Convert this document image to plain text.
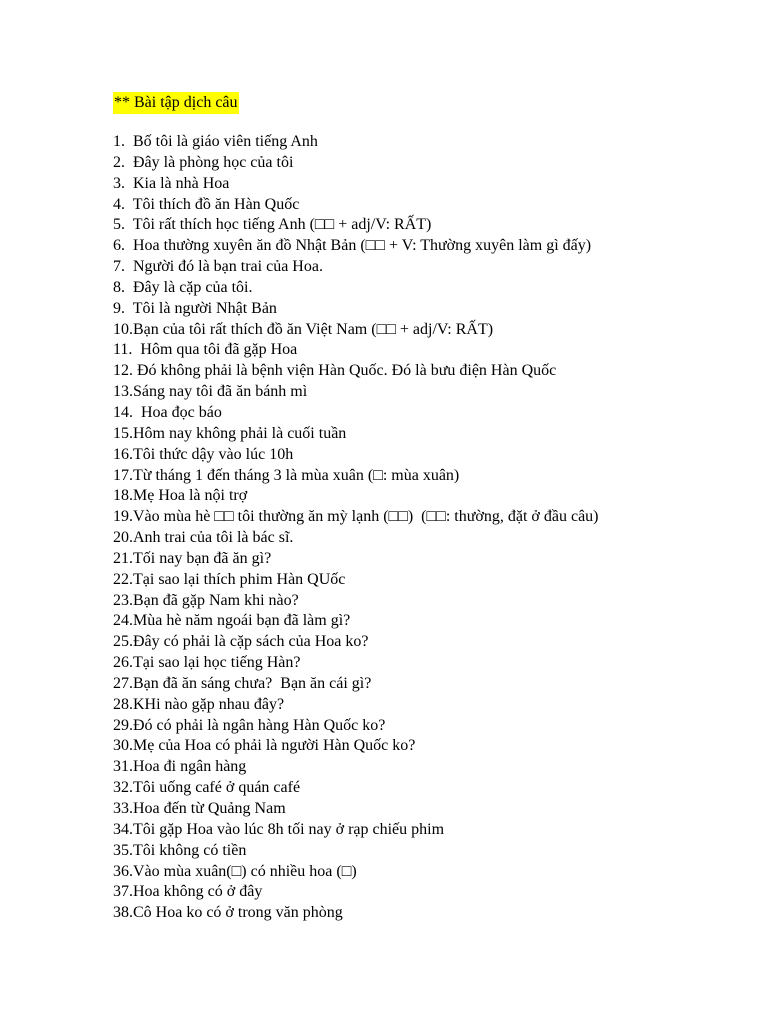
** Bài tập dịch câu
1.  Bố tôi là giáo viên tiếng Anh
2.  Đây là phòng học của tôi
3.  Kia là nhà Hoa
4.  Tôi thích đồ ăn Hàn Quốc
5.  Tôi rất thích học tiếng Anh (□□ + adj/V: RẤT)
6.  Hoa thường xuyên ăn đồ Nhật Bản (□□ + V: Thường xuyên làm gì đấy)
7.  Người đó là bạn trai của Hoa.
8.  Đây là cặp của tôi.
9.  Tôi là người Nhật Bản
10.Bạn của tôi rất thích đồ ăn Việt Nam (□□ + adj/V: RẤT)
11.  Hôm qua tôi đã gặp Hoa
12. Đó không phải là bệnh viện Hàn Quốc. Đó là bưu điện Hàn Quốc
13.Sáng nay tôi đã ăn bánh mì
14.  Hoa đọc báo
15.Hôm nay không phải là cuối tuần
16.Tôi thức dậy vào lúc 10h
17.Từ tháng 1 đến tháng 3 là mùa xuân (□: mùa xuân)
18.Mẹ Hoa là nội trợ
19.Vào mùa hè □□ tôi thường ăn mỳ lạnh (□□)  (□□: thường, đặt ở đầu câu)
20.Anh trai của tôi là bác sĩ.
21.Tối nay bạn đã ăn gì?
22.Tại sao lại thích phim Hàn QUốc
23.Bạn đã gặp Nam khi nào?
24.Mùa hè năm ngoái bạn đã làm gì?
25.Đây có phải là cặp sách của Hoa ko?
26.Tại sao lại học tiếng Hàn?
27.Bạn đã ăn sáng chưa?  Bạn ăn cái gì?
28.KHi nào gặp nhau đây?
29.Đó có phải là ngân hàng Hàn Quốc ko?
30.Mẹ của Hoa có phải là người Hàn Quốc ko?
31.Hoa đi ngân hàng
32.Tôi uống café ở quán café
33.Hoa đến từ Quảng Nam
34.Tôi gặp Hoa vào lúc 8h tối nay ở rạp chiếu phim
35.Tôi không có tiền
36.Vào mùa xuân(□) có nhiều hoa (□)
37.Hoa không có ở đây
38.Cô Hoa ko có ở trong văn phòng
